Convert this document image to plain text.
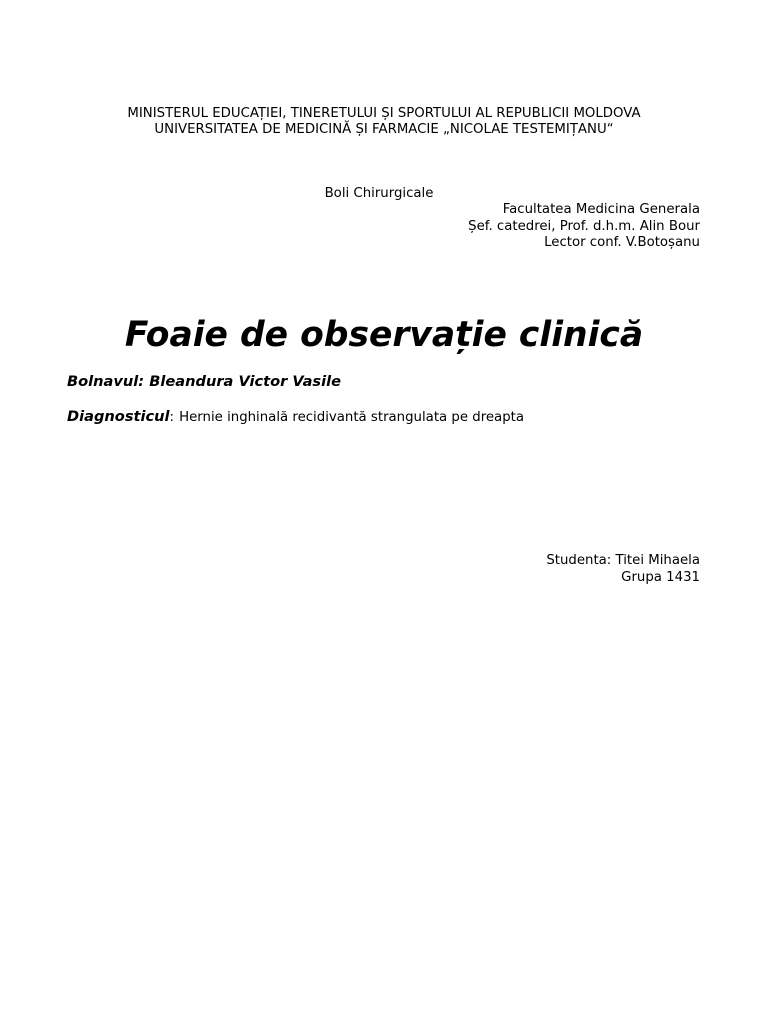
MINISTERUL EDUCAȚIEI, TINERETULUI ȘI SPORTULUI AL REPUBLICII MOLDOVA
UNIVERSITATEA DE MEDICINĂ ȘI FARMACIE „NICOLAE TESTEMIȚANU“
Boli Chirurgicale
Facultatea Medicina Generala
Șef. catedrei, Prof. d.h.m. Alin Bour
Lector conf. V.Botoșanu
Foaie de observație clinică
Bolnavul: Bleandura Victor Vasile
Diagnosticul: Hernie inghinală recidivantă strangulata pe dreapta
Studenta: Titei Mihaela
Grupa 1431
